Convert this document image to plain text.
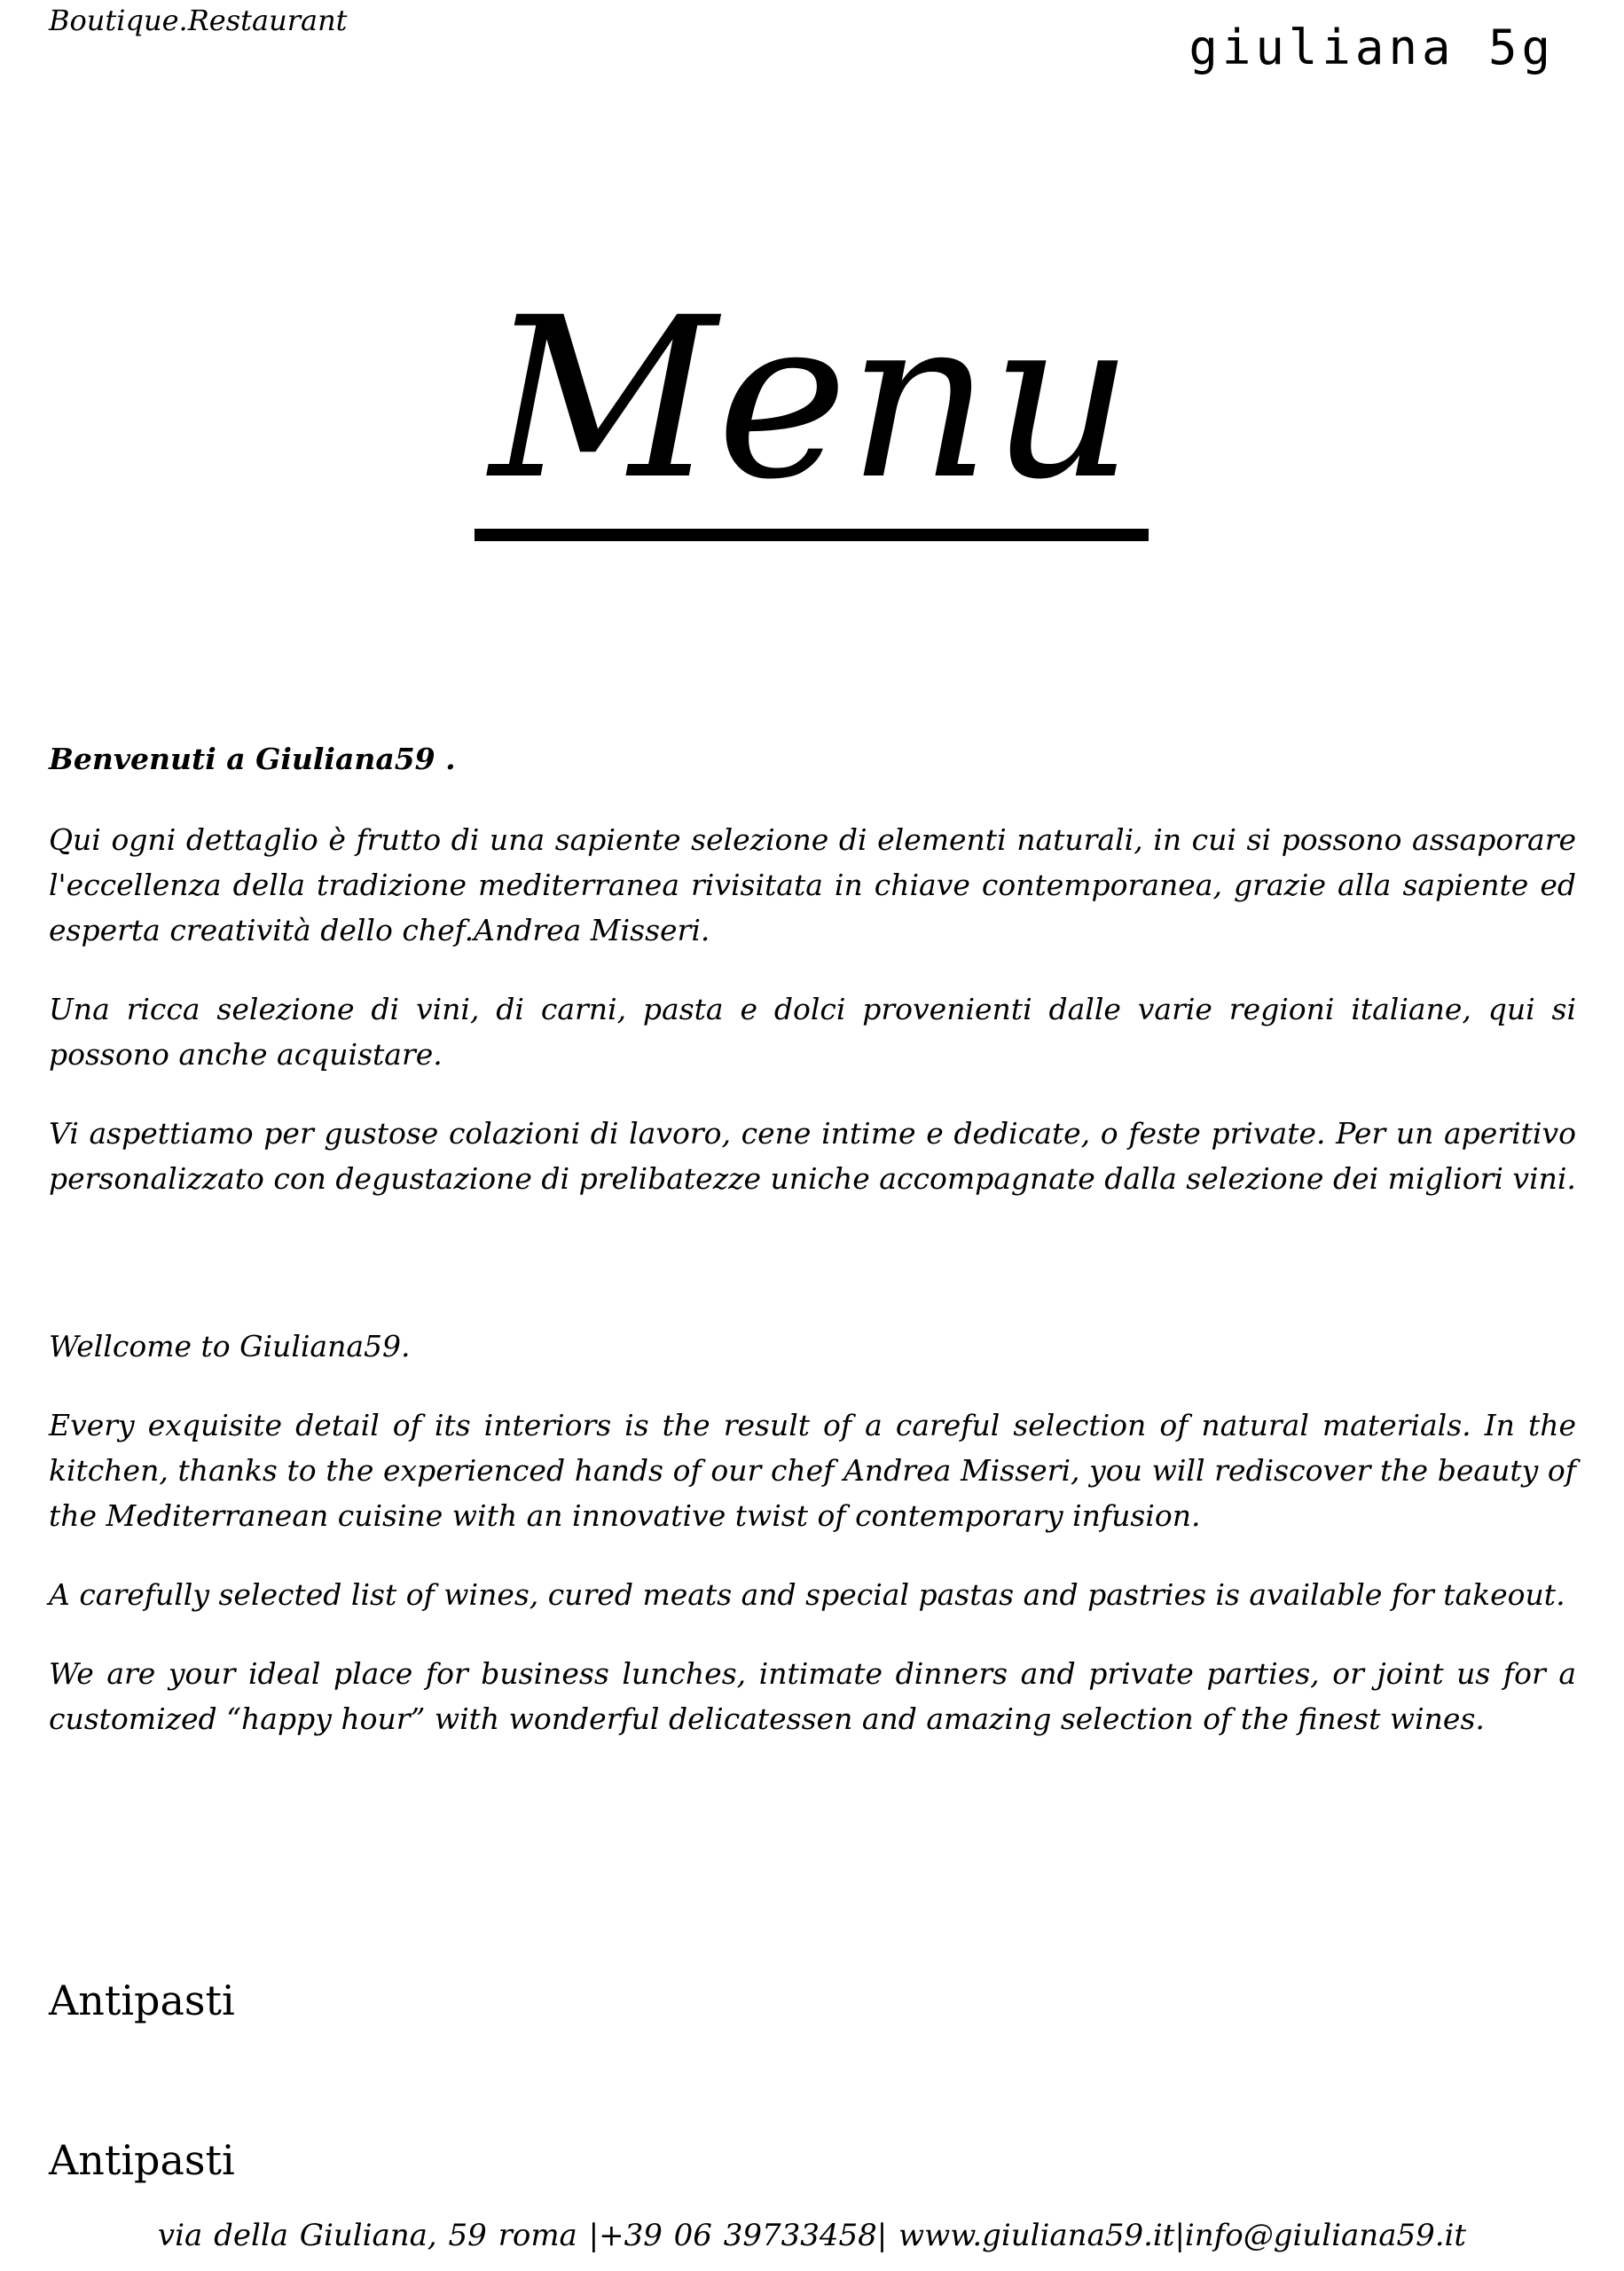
Boutique.Restaurant	giuliana 5g
Menu

Benvenuti a Giuliana59 .

Qui ogni dettaglio è frutto di una sapiente selezione di elementi naturali, in cui si possono assaporare l'eccellenza della tradizione mediterranea rivisitata in chiave contemporanea, grazie alla sapiente ed esperta creatività dello chef.Andrea Misseri.

Una ricca selezione di vini, di carni, pasta e dolci provenienti dalle varie regioni italiane, qui si possono anche acquistare.

Vi aspettiamo per gustose colazioni di lavoro, cene intime e dedicate, o feste private. Per un aperitivo personalizzato con degustazione di prelibatezze uniche accompagnate dalla selezione dei migliori vini.

Wellcome to Giuliana59.

Every exquisite detail of its interiors is the result of a careful selection of natural materials. In the kitchen, thanks to the experienced hands of our chef Andrea Misseri, you will rediscover the beauty of the Mediterranean cuisine with an innovative twist of contemporary infusion.

A carefully selected list of wines, cured meats and special pastas and pastries is available for takeout.

We are your ideal place for business lunches, intimate dinners and private parties, or joint us for a customized “happy hour” with wonderful delicatessen and amazing selection of the finest wines.

Antipasti
Antipasti
via della Giuliana, 59 roma |+39 06 39733458| www.giuliana59.it|info@giuliana59.it
